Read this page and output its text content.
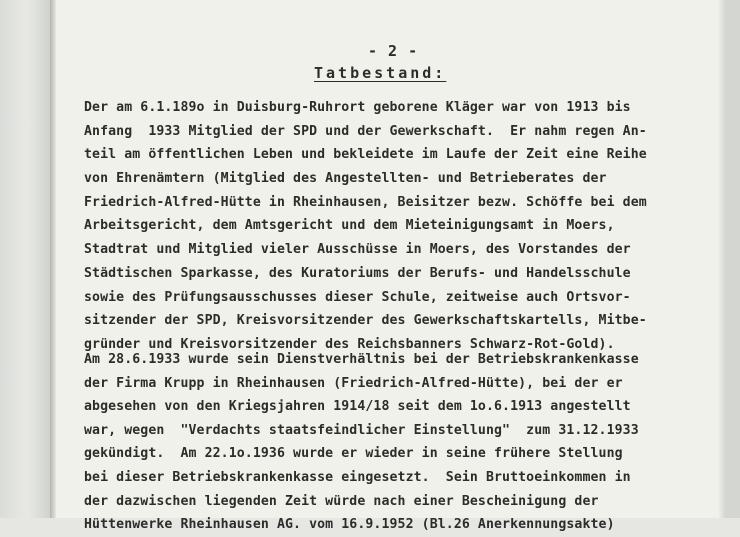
- 2 -
Tatbestand:
Der am 6.1.189o in Duisburg-Ruhrort geborene Kläger war von 1913 bis
Anfang  1933 Mitglied der SPD und der Gewerkschaft.  Er nahm regen An-
teil am öffentlichen Leben und bekleidete im Laufe der Zeit eine Reihe
von Ehrenämtern (Mitglied des Angestellten- und Betrieberates der
Friedrich-Alfred-Hütte in Rheinhausen, Beisitzer bezw. Schöffe bei dem
Arbeitsgericht, dem Amtsgericht und dem Mieteinigungsamt in Moers,
Stadtrat und Mitglied vieler Ausschüsse in Moers, des Vorstandes der
Städtischen Sparkasse, des Kuratoriums der Berufs- und Handelsschule
sowie des Prüfungsausschusses dieser Schule, zeitweise auch Ortsvor-
sitzender der SPD, Kreisvorsitzender des Gewerkschaftskartells, Mitbe-
gründer und Kreisvorsitzender des Reichsbanners Schwarz-Rot-Gold).
Am 28.6.1933 wurde sein Dienstverhältnis bei der Betriebskrankenkasse
der Firma Krupp in Rheinhausen (Friedrich-Alfred-Hütte), bei der er
abgesehen von den Kriegsjahren 1914/18 seit dem 1o.6.1913 angestellt
war, wegen  "Verdachts staatsfeindlicher Einstellung"  zum 31.12.1933
gekündigt.  Am 22.1o.1936 wurde er wieder in seine frühere Stellung
bei dieser Betriebskrankenkasse eingesetzt.  Sein Bruttoeinkommen in
der dazwischen liegenden Zeit würde nach einer Bescheinigung der
Hüttenwerke Rheinhausen AG. vom 16.9.1952 (Bl.26 Anerkennungsakte)
